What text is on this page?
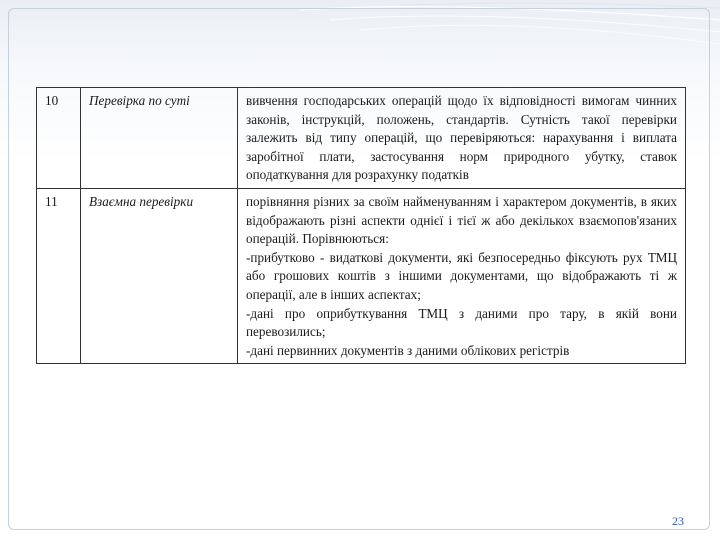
10	Перевірка по суті	вивчення господарських операцій щодо їх відповідності вимогам чинних законів, інструкцій, положень, стандартів. Сутність такої перевірки залежить від типу операцій, що перевіряються: нарахування і виплата заробітної плати, застосування норм природного убутку, ставок оподаткування для розрахунку податків
11	Взаємна перевірки	порівняння різних за своїм найменуванням і характером документів, в яких відображають різні аспекти однієї і тієї ж або декількох взаємопов'язаних операцій. Порівнюються:
-прибутково - видаткові документи, які безпосередньо фіксують рух ТМЦ або грошових коштів з іншими документами, що відображають ті ж операції, але в інших аспектах;
-дані про оприбуткування ТМЦ з даними про тару, в якій вони перевозились;
-дані первинних документів з даними облікових регістрів
23
